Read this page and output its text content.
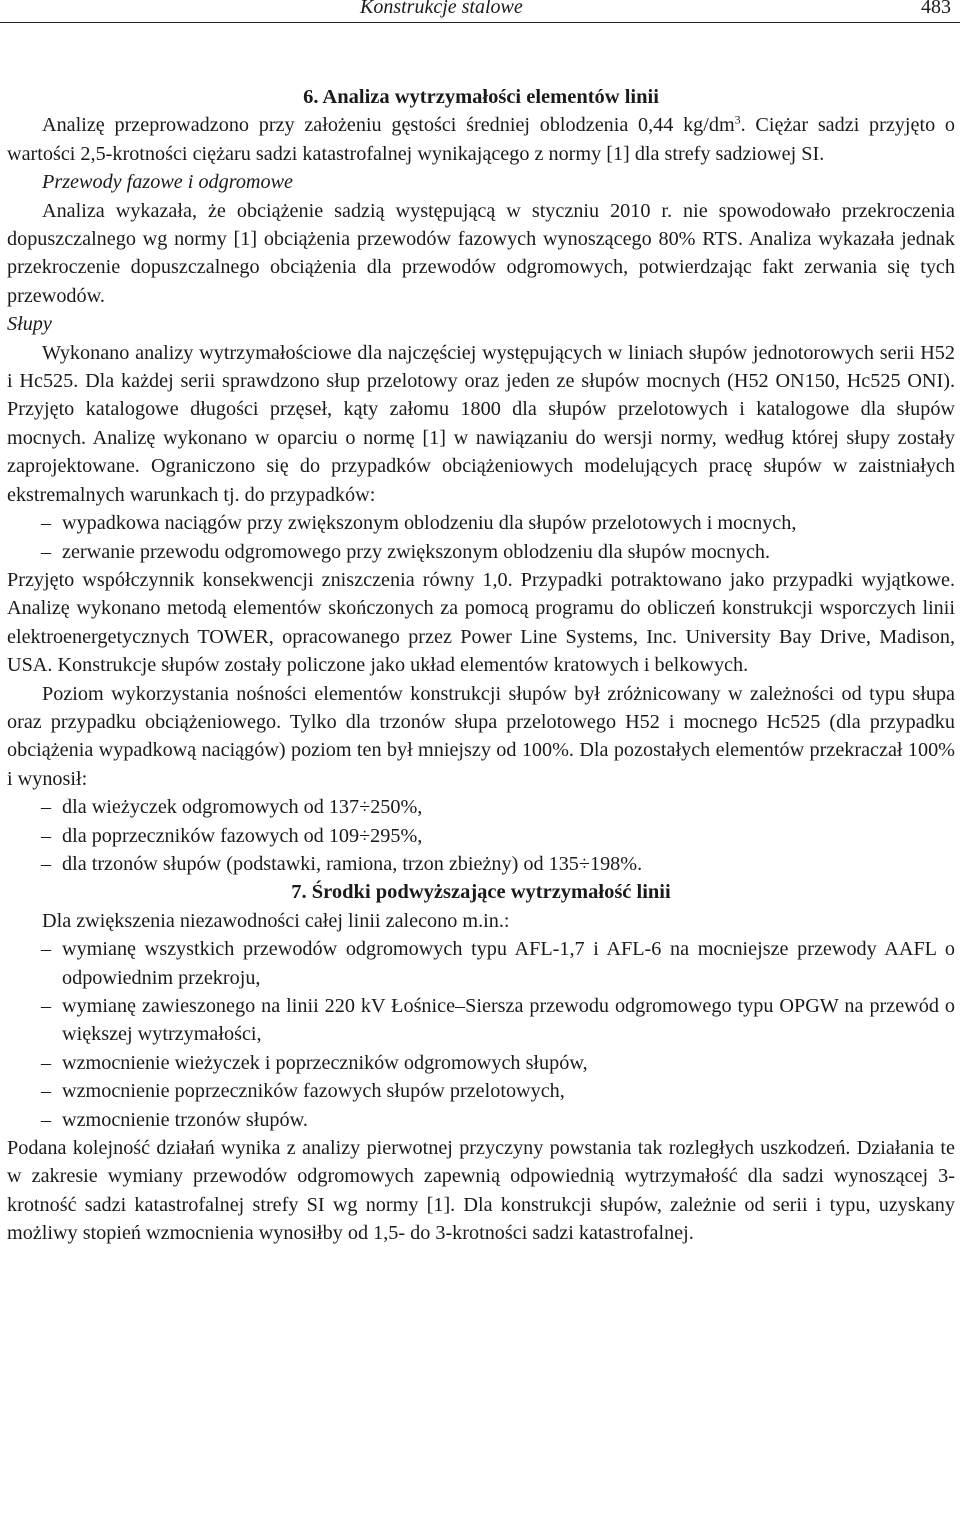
Konstrukcje stalowe	483
6. Analiza wytrzymałości elementów linii

Analizę przeprowadzono przy założeniu gęstości średniej oblodzenia 0,44 $kg/dm^3$. Ciężar sadzi przyjęto o wartości 2,5-krotności ciężaru sadzi katastrofalnej wynikającego z normy [1] dla strefy sadziowej SI.

Przewody fazowe i odgromowe

Analiza wykazała, że obciążenie sadzią występującą w styczniu 2010 r. nie spowodowało przekroczenia dopuszczalnego wg normy [1] obciążenia przewodów fazowych wynoszącego 80% RTS. Analiza wykazała jednak przekroczenie dopuszczalnego obciążenia dla przewodów odgromowych, potwierdzając fakt zerwania się tych przewodów.

Słupy

Wykonano analizy wytrzymałościowe dla najczęściej występujących w liniach słupów jednotorowych serii H52 i Hc525. Dla każdej serii sprawdzono słup przelotowy oraz jeden ze słupów mocnych (H52 ON150, Hc525 ONI). Przyjęto katalogowe długości przęseł, kąty załomu 1800 dla słupów przelotowych i katalogowe dla słupów mocnych. Analizę wykonano w oparciu o normę [1] w nawiązaniu do wersji normy, według której słupy zostały zaprojektowane. Ograniczono się do przypadków obciążeniowych modelujących pracę słupów w zaistniałych ekstremalnych warunkach tj. do przypadków:

– wypadkowa naciągów przy zwiększonym oblodzeniu dla słupów przelotowych i mocnych,
– zerwanie przewodu odgromowego przy zwiększonym oblodzeniu dla słupów mocnych.

Przyjęto współczynnik konsekwencji zniszczenia równy 1,0. Przypadki potraktowano jako przypadki wyjątkowe. Analizę wykonano metodą elementów skończonych za pomocą programu do obliczeń konstrukcji wsporczych linii elektroenergetycznych TOWER, opracowanego przez Power Line Systems, Inc. University Bay Drive, Madison, USA. Konstrukcje słupów zostały policzone jako układ elementów kratowych i belkowych.

Poziom wykorzystania nośności elementów konstrukcji słupów był zróżnicowany w zależności od typu słupa oraz przypadku obciążeniowego. Tylko dla trzonów słupa przelotowego H52 i mocnego Hc525 (dla przypadku obciążenia wypadkową naciągów) poziom ten był mniejszy od 100%. Dla pozostałych elementów przekraczał 100% i wynosił:

– dla wieżyczek odgromowych od 137÷250%,
– dla poprzeczników fazowych od 109÷295%,
– dla trzonów słupów (podstawki, ramiona, trzon zbieżny) od 135÷198%.
7. Środki podwyższające wytrzymałość linii

Dla zwiększenia niezawodności całej linii zalecono m.in.:

– wymianę wszystkich przewodów odgromowych typu AFL-1,7 i AFL-6 na mocniejsze przewody AAFL o odpowiednim przekroju,
– wymianę zawieszonego na linii 220 kV Łośnice–Siersza przewodu odgromowego typu OPGW na przewód o większej wytrzymałości,
– wzmocnienie wieżyczek i poprzeczników odgromowych słupów,
– wzmocnienie poprzeczników fazowych słupów przelotowych,
– wzmocnienie trzonów słupów.

Podana kolejność działań wynika z analizy pierwotnej przyczyny powstania tak rozległych uszkodzeń. Działania te w zakresie wymiany przewodów odgromowych zapewnią odpowiednią wytrzymałość dla sadzi wynoszącej 3-krotność sadzi katastrofalnej strefy SI wg normy [1]. Dla konstrukcji słupów, zależnie od serii i typu, uzyskany możliwy stopień wzmocnienia wynosiłby od 1,5- do 3-krotności sadzi katastrofalnej.
